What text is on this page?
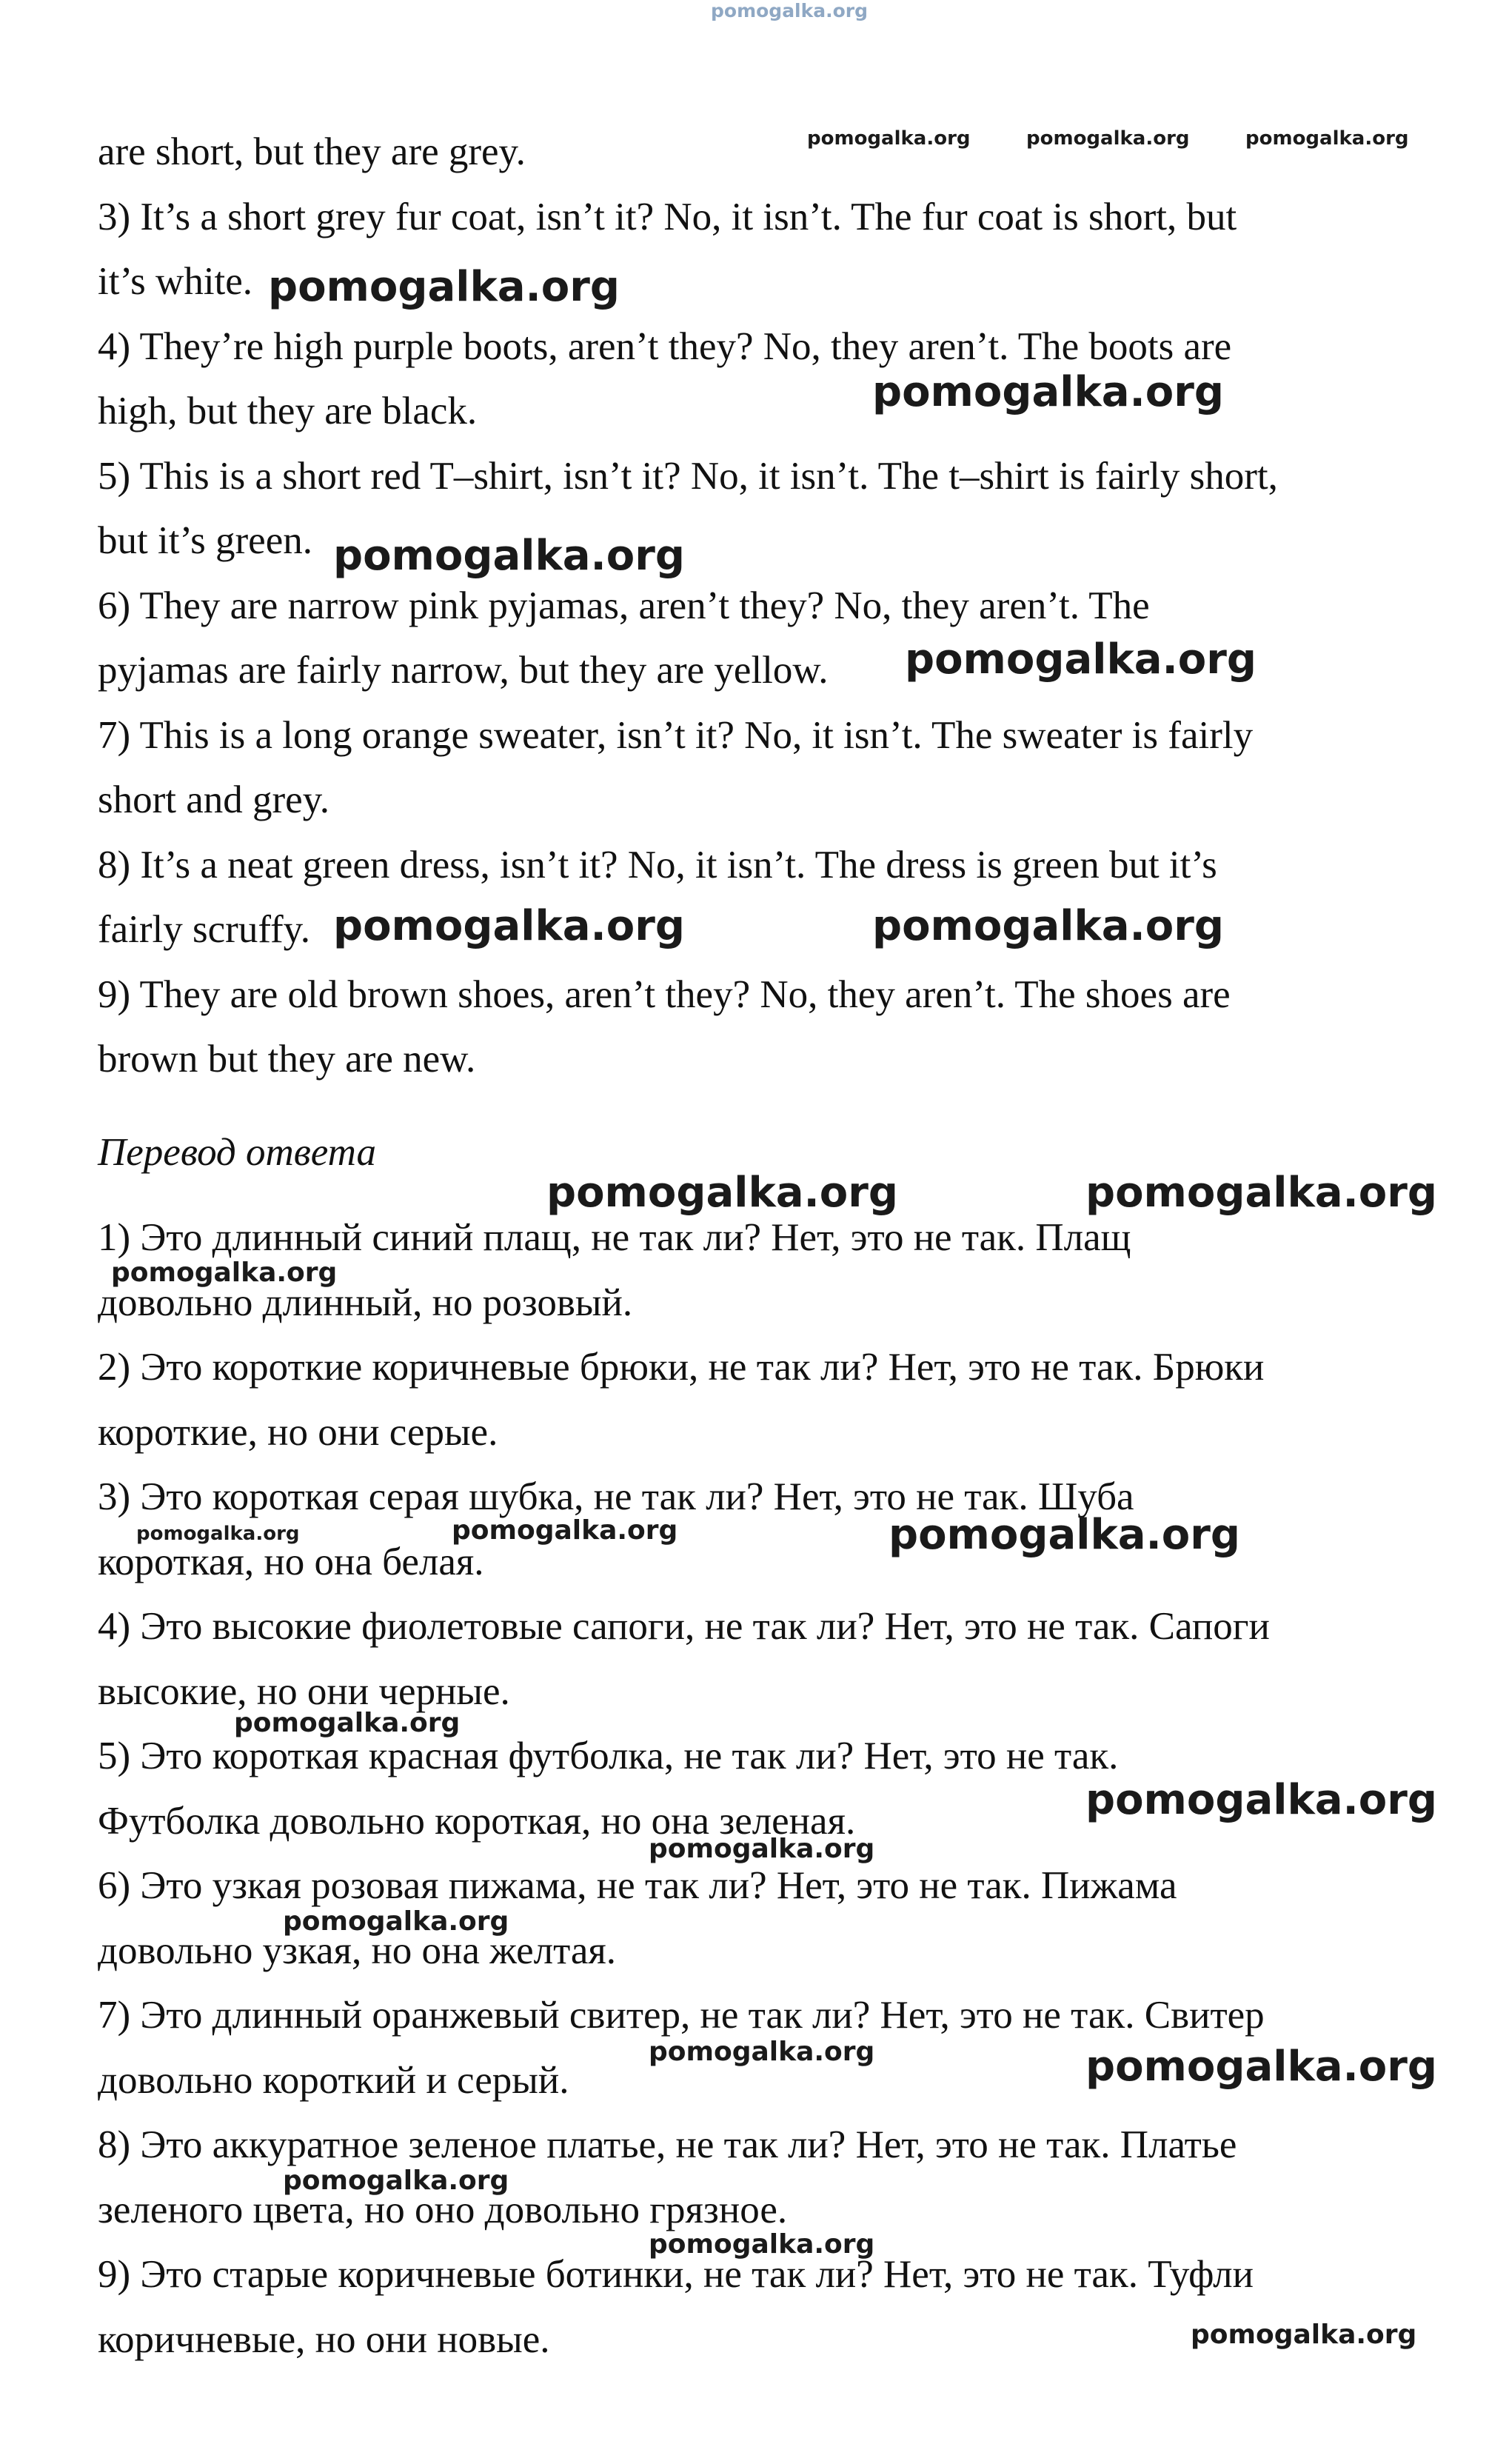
are short, but they are grey.

3) It’s a short grey fur coat, isn’t it? No, it isn’t. The fur coat is short, but

it’s white.

4) They’re high purple boots, aren’t they? No, they aren’t. The boots are

high, but they are black.

5) This is a short red T–shirt, isn’t it? No, it isn’t. The t–shirt is fairly short,

but it’s green.

6) They are narrow pink pyjamas, aren’t they? No, they aren’t. The

pyjamas are fairly narrow, but they are yellow.

7) This is a long orange sweater, isn’t it? No, it isn’t. The sweater is fairly

short and grey.

8) It’s a neat green dress, isn’t it? No, it isn’t. The dress is green but it’s

fairly scruffy.

9) They are old brown shoes, aren’t they? No, they aren’t. The shoes are

brown but they are new.

Перевод ответа

1) Это длинный синий плащ, не так ли? Нет, это не так. Плащ

довольно длинный, но розовый.

2) Это короткие коричневые брюки, не так ли? Нет, это не так. Брюки

короткие, но они серые.

3) Это короткая серая шубка, не так ли? Нет, это не так. Шуба

короткая, но она белая.

4) Это высокие фиолетовые сапоги, не так ли? Нет, это не так. Сапоги

высокие, но они черные.

5) Это короткая красная футболка, не так ли? Нет, это не так.

Футболка довольно короткая, но она зеленая.

6) Это узкая розовая пижама, не так ли? Нет, это не так. Пижама

довольно узкая, но она желтая.

7) Это длинный оранжевый свитер, не так ли? Нет, это не так. Свитер

довольно короткий и серый.

8) Это аккуратное зеленое платье, не так ли? Нет, это не так. Платье

зеленого цвета, но оно довольно грязное.

9) Это старые коричневые ботинки, не так ли? Нет, это не так. Туфли

коричневые, но они новые.

pomogalka.org
pomogalka.org	pomogalka.org	pomogalka.org
pomogalka.org
pomogalka.org
pomogalka.org
pomogalka.org
pomogalka.org	pomogalka.org
pomogalka.org	pomogalka.org
pomogalka.org
pomogalka.org	pomogalka.org	pomogalka.org
pomogalka.org
pomogalka.org
pomogalka.org
pomogalka.org
pomogalka.org	pomogalka.org
pomogalka.org
pomogalka.org
pomogalka.org
